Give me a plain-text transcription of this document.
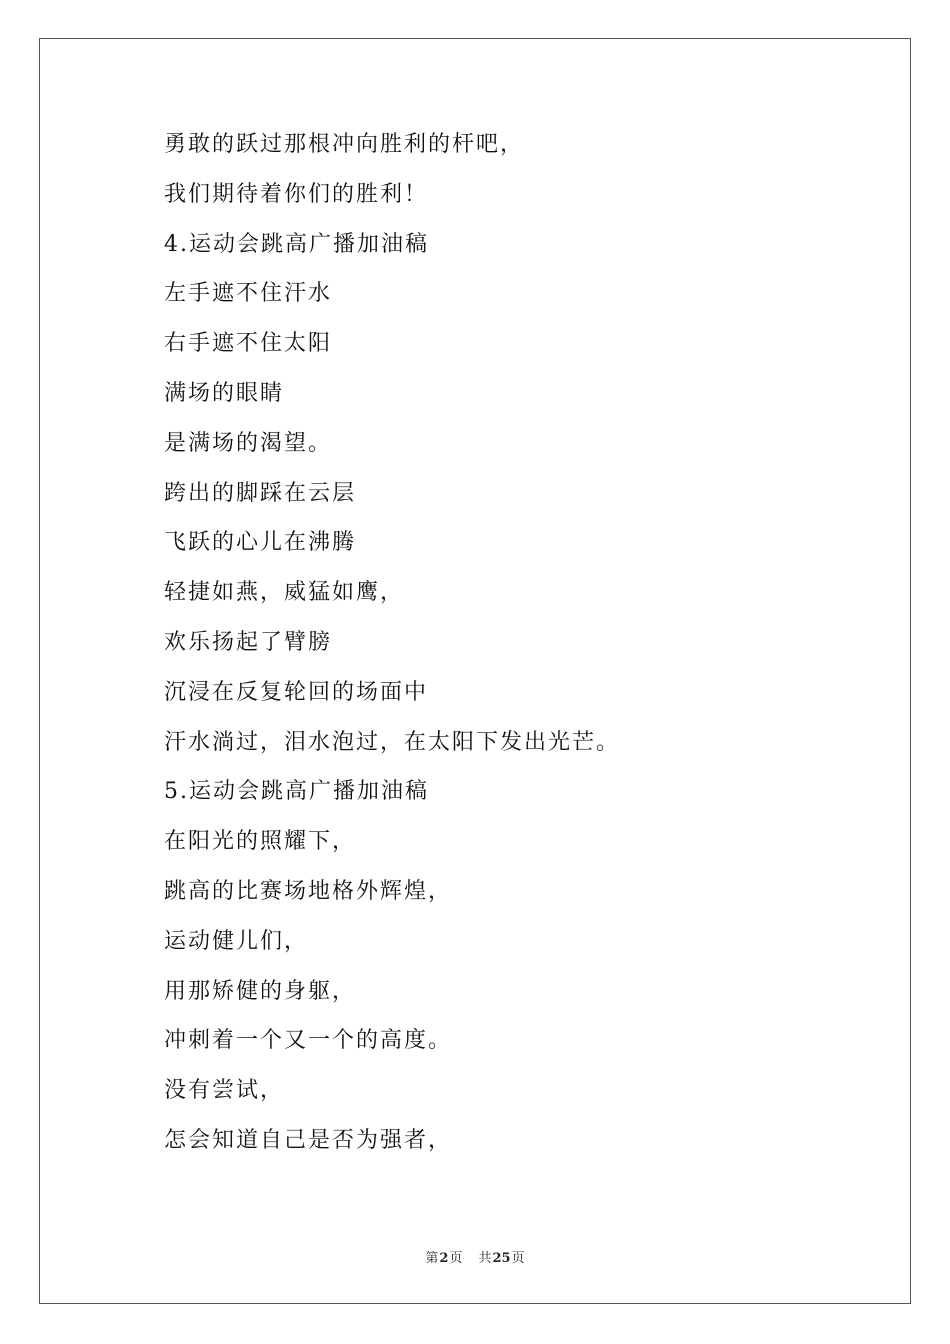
勇敢的跃过那根冲向胜利的杆吧，
我们期待着你们的胜利！
4.运动会跳高广播加油稿
左手遮不住汗水
右手遮不住太阳
满场的眼睛
是满场的渴望。
跨出的脚踩在云层
飞跃的心儿在沸腾
轻捷如燕，威猛如鹰，
欢乐扬起了臂膀
沉浸在反复轮回的场面中
汗水淌过，泪水泡过，在太阳下发出光芒。
5.运动会跳高广播加油稿
在阳光的照耀下，
跳高的比赛场地格外辉煌，
运动健儿们，
用那矫健的身躯，
冲刺着一个又一个的高度。
没有尝试，
怎会知道自己是否为强者，
第2页 共25页
